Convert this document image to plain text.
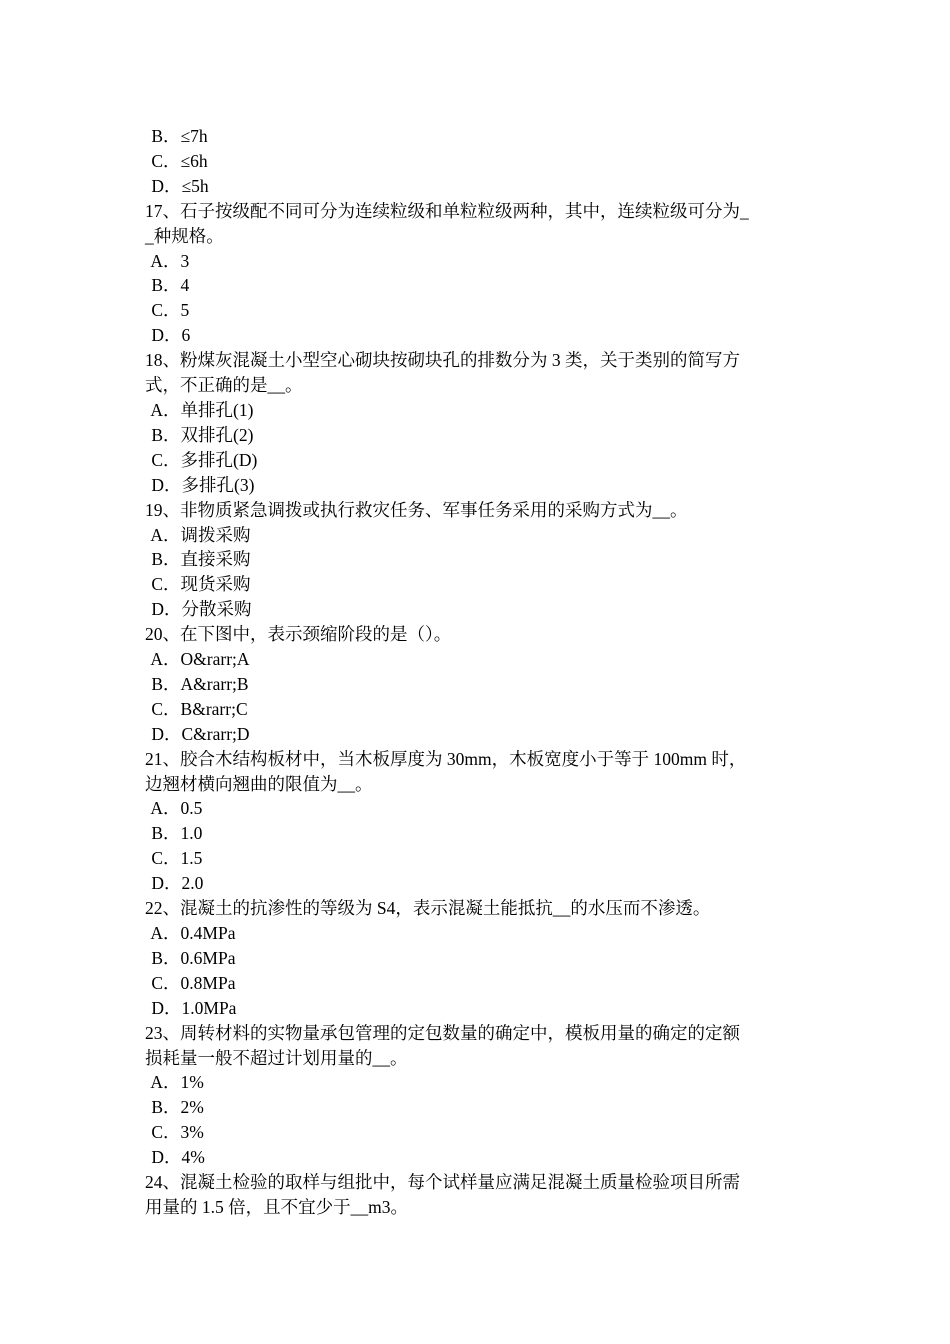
B．≤7h
C．≤6h
D．≤5h
17、石子按级配不同可分为连续粒级和单粒粒级两种，其中，连续粒级可分为_
_种规格。
A．3
B．4
C．5
D．6
18、粉煤灰混凝土小型空心砌块按砌块孔的排数分为 3 类，关于类别的简写方
式，不正确的是__。
A．单排孔(1)
B．双排孔(2)
C．多排孔(D)
D．多排孔(3)
19、非物质紧急调拨或执行救灾任务、军事任务采用的采购方式为__。
A．调拨采购
B．直接采购
C．现货采购
D．分散采购
20、在下图中，表示颈缩阶段的是（）。
A．O&rarr;A
B．A&rarr;B
C．B&rarr;C
D．C&rarr;D
21、胶合木结构板材中，当木板厚度为 30mm，木板宽度小于等于 100mm 时，
边翘材横向翘曲的限值为__。
A．0.5
B．1.0
C．1.5
D．2.0
22、混凝土的抗渗性的等级为 S4，表示混凝土能抵抗__的水压而不渗透。
A．0.4MPa
B．0.6MPa
C．0.8MPa
D．1.0MPa
23、周转材料的实物量承包管理的定包数量的确定中，模板用量的确定的定额
损耗量一般不超过计划用量的__。
A．1%
B．2%
C．3%
D．4%
24、混凝土检验的取样与组批中，每个试样量应满足混凝土质量检验项目所需
用量的 1.5 倍，且不宜少于__m3。
